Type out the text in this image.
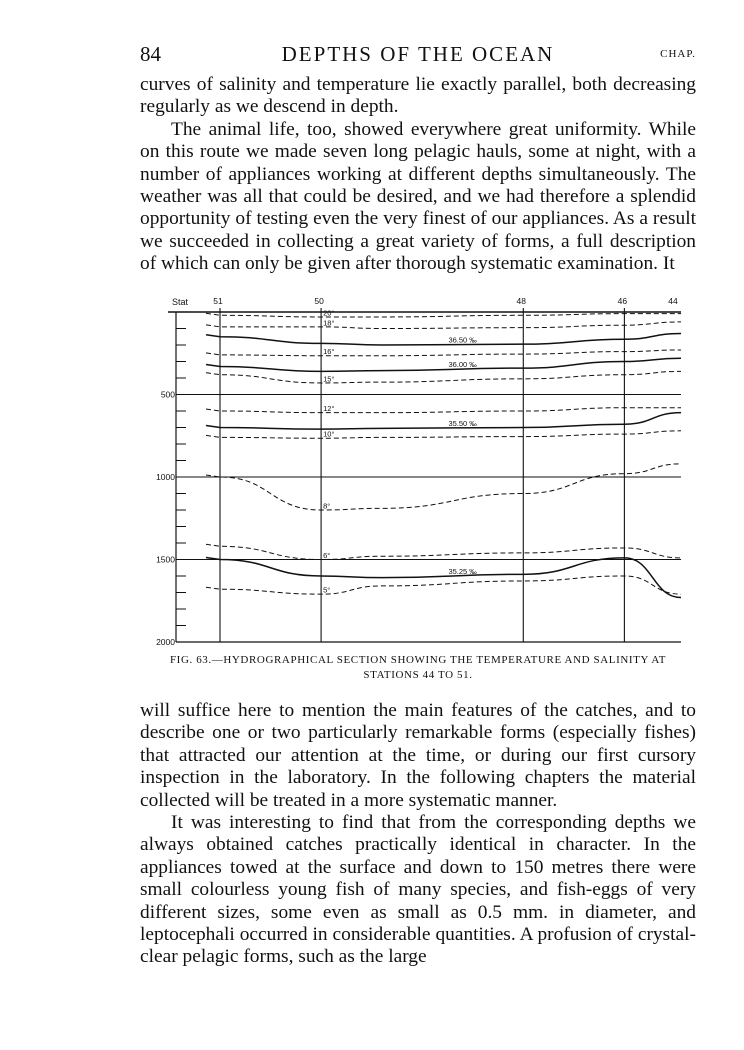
84	DEPTHS OF THE OCEAN	CHAP.

curves of salinity and temperature lie exactly parallel, both decreasing regularly as we descend in depth.

The animal life, too, showed everywhere great uniformity. While on this route we made seven long pelagic hauls, some at night, with a number of appliances working at different depths simultaneously. The weather was all that could be desired, and we had therefore a splendid opportunity of testing even the very finest of our appliances. As a result we succeeded in collecting a great variety of forms, a full description of which can only be given after thorough systematic examination. It

500
1000
1500
2000
Stat	51	50	48	46	44
20°
18°
16°
15°
12°
10°
8°
6°
5°
36.50 ‰
36.00 ‰
35.50 ‰
35.25 ‰
FIG. 63.—HYDROGRAPHICAL SECTION SHOWING THE TEMPERATURE AND SALINITY AT
STATIONS 44 TO 51.

will suffice here to mention the main features of the catches, and to describe one or two particularly remarkable forms (especially fishes) that attracted our attention at the time, or during our first cursory inspection in the laboratory. In the following chapters the material collected will be treated in a more systematic manner.

It was interesting to find that from the corresponding depths we always obtained catches practically identical in character. In the appliances towed at the surface and down to 150 metres there were small colourless young fish of many species, and fish-eggs of very different sizes, some even as small as 0.5 mm. in diameter, and leptocephali occurred in considerable quantities. A profusion of crystal-clear pelagic forms, such as the large
